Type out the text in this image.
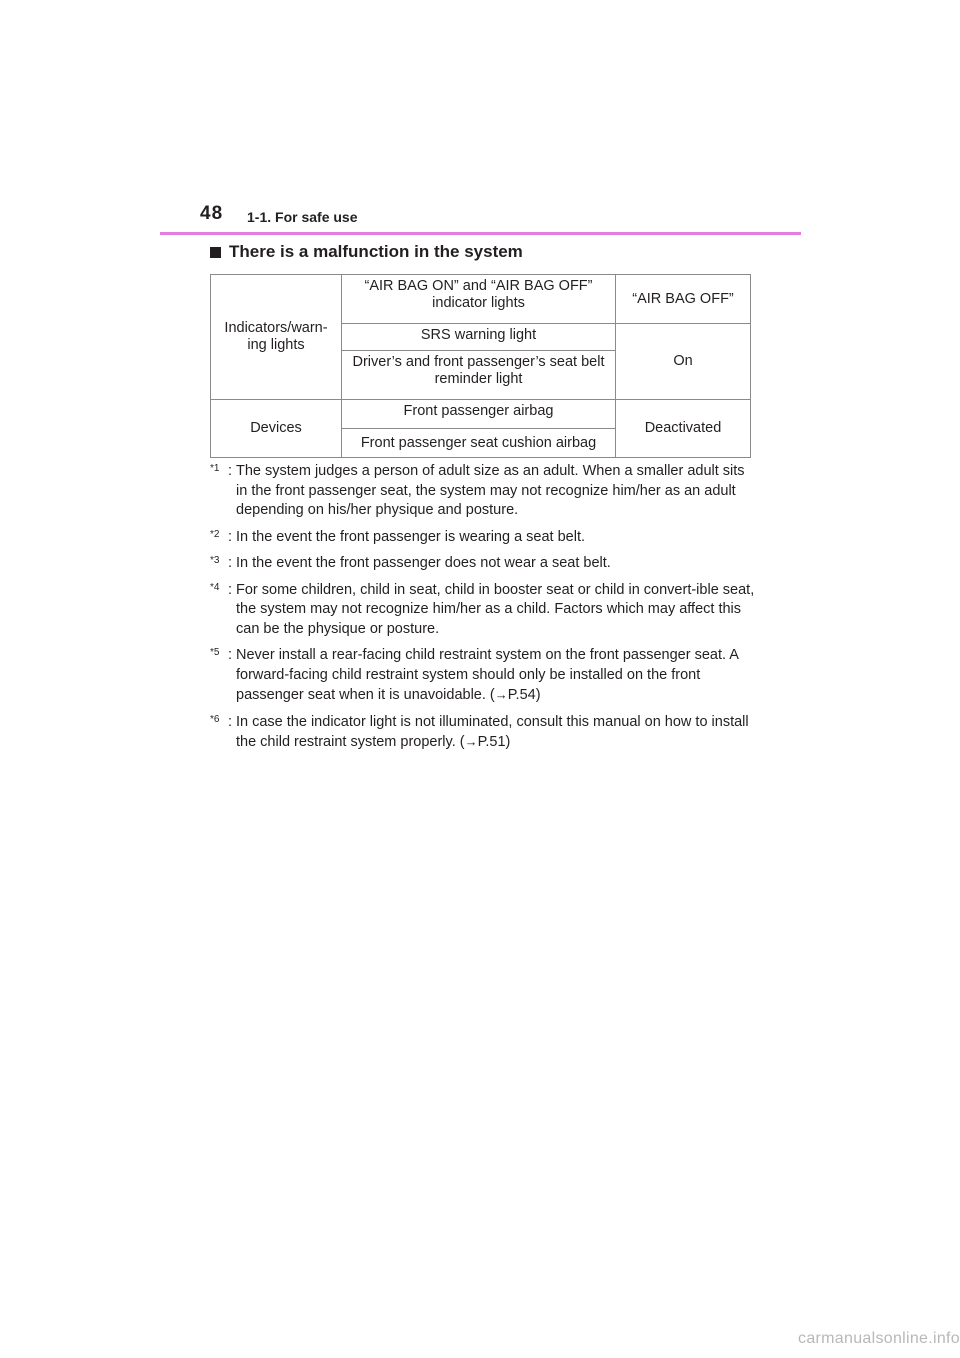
48 1-1. For safe use
There is a malfunction in the system
Indicators/warn-ing lights	“AIR BAG ON” and “AIR BAG OFF” indicator lights	“AIR BAG OFF”
	SRS warning light	On
	Driver’s and front passenger’s seat belt reminder light	
Devices	Front passenger airbag	Deactivated
	Front passenger seat cushion airbag	
*1 : The system judges a person of adult size as an adult. When a smaller adult sits in the front passenger seat, the system may not recognize him/her as an adult depending on his/her physique and posture.
*2 : In the event the front passenger is wearing a seat belt.
*3 : In the event the front passenger does not wear a seat belt.
*4 : For some children, child in seat, child in booster seat or child in convert-ible seat, the system may not recognize him/her as a child. Factors which may affect this can be the physique or posture.
*5 : Never install a rear-facing child restraint system on the front passenger seat. A forward-facing child restraint system should only be installed on the front passenger seat when it is unavoidable. (→P.54)
*6 : In case the indicator light is not illuminated, consult this manual on how to install the child restraint system properly. (→P.51)
carmanualsonline.info
